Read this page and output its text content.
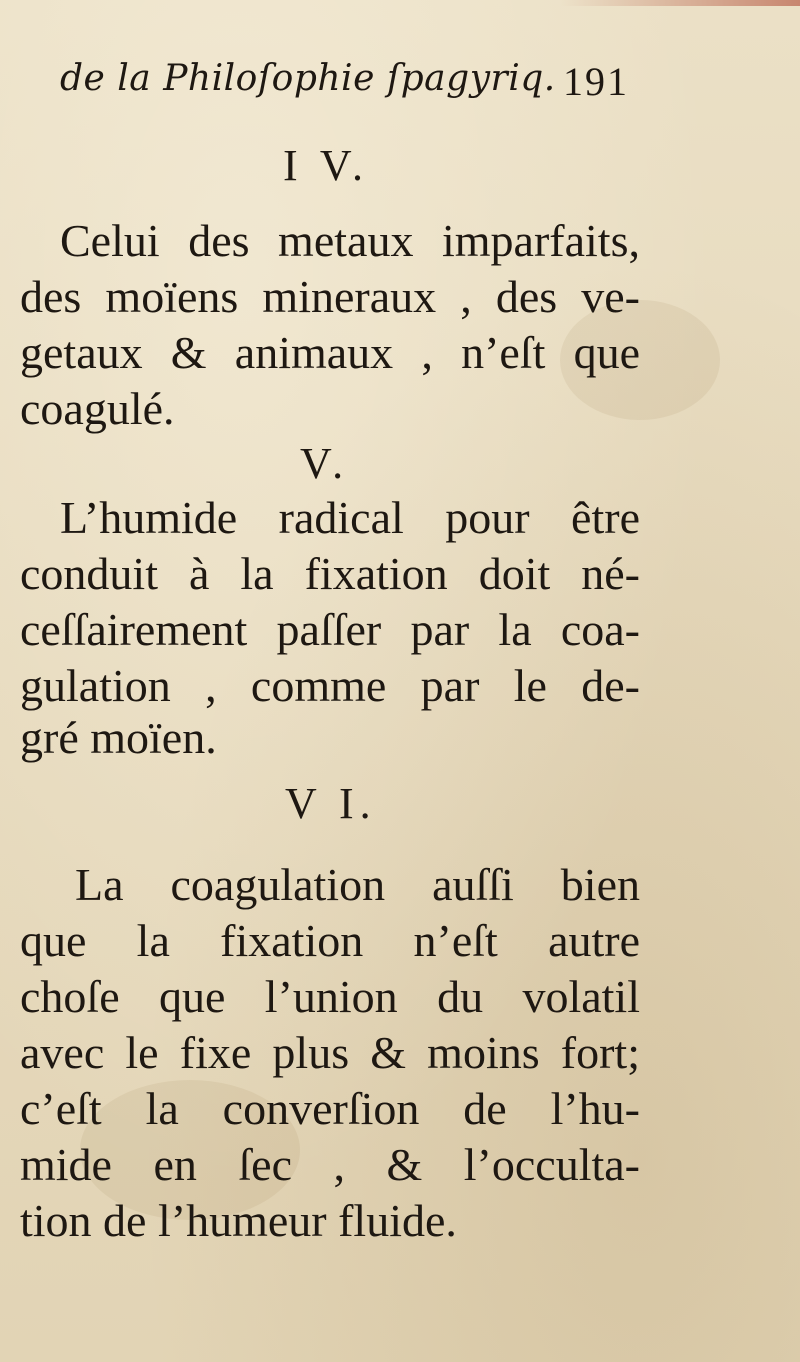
de la Philoſophie ſpagyriq. 191
I V.
Celui des metaux imparfaits,
des moïens mineraux , des ve-
getaux & animaux , n’eſt que
coagulé.
V.
L’humide radical pour être
conduit à la fixation doit né-
ceſſairement paſſer par la coa-
gulation , comme par le de-
gré moïen.
V I.
La coagulation auſſi bien
que la fixation n’eſt autre
choſe que l’union du volatil
avec le fixe plus & moins fort;
c’eſt la converſion de l’hu-
mide en ſec , & l’occulta-
tion de l’humeur fluide.
